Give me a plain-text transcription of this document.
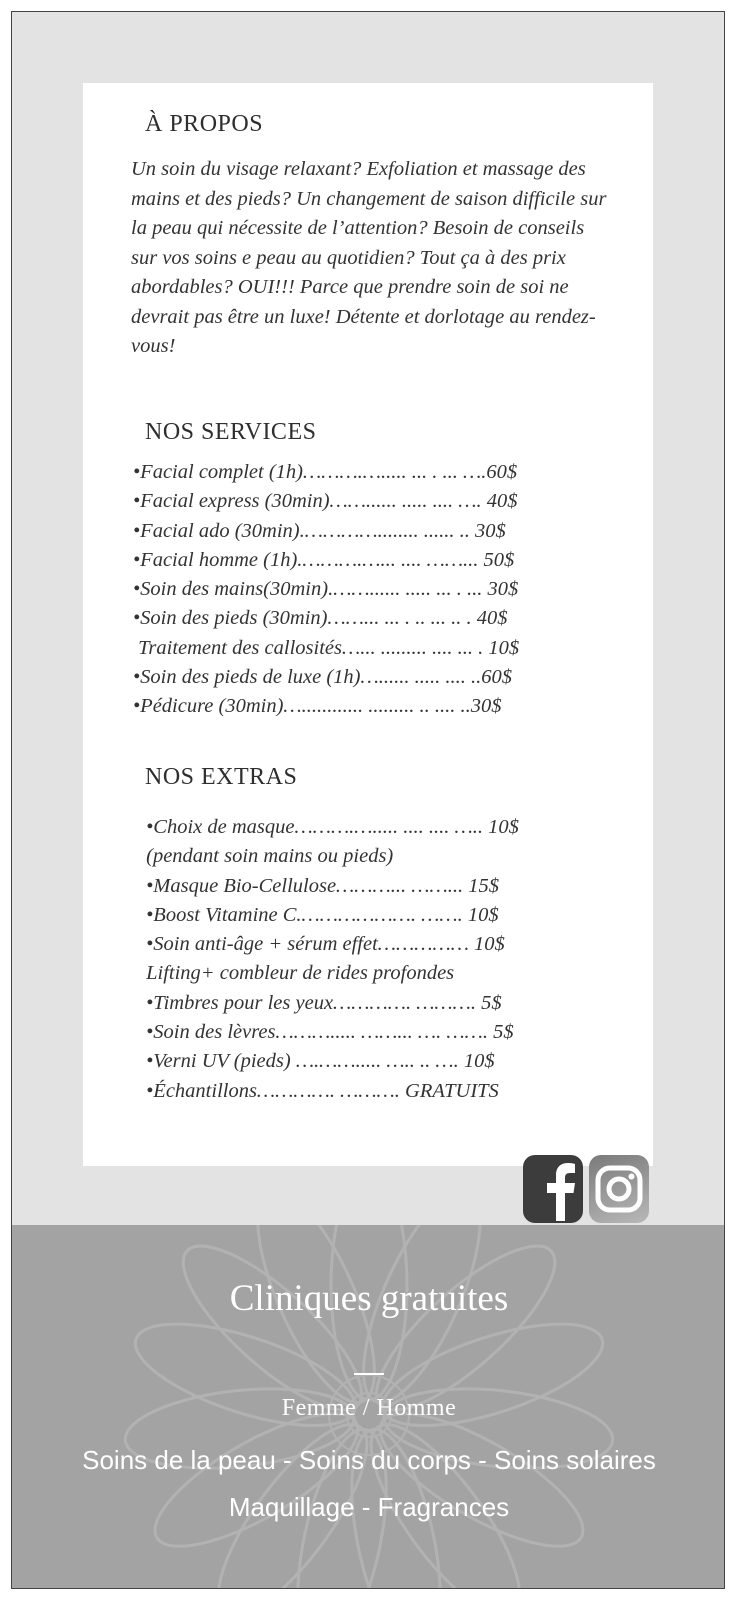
À PROPOS

Un soin du visage relaxant? Exfoliation et massage des mains et des pieds? Un changement de saison difficile sur la peau qui nécessite de l’attention? Besoin de conseils sur vos soins e peau au quotidien? Tout ça à des prix abordables? OUI!!! Parce que prendre soin de soi ne devrait pas être un luxe! Détente et dorlotage au rendez-vous!

NOS SERVICES
•Facial complet (1h)……….…..... ... . ... ….60$
•Facial express (30min)……...... ..... .... …. 40$
•Facial ado (30min).…………........ ...... .. 30$
•Facial homme (1h).……….…... .... ……... 50$
•Soin des mains(30min).……...... ..... ... . ... 30$
•Soin des pieds (30min)……... ... . .. ... .. . 40$
Traitement des callosités…... ......... .... ... . 10$
•Soin des pieds de luxe (1h)…...... ..... .... ..60$
•Pédicure (30min)…............ ......... .. .... ..30$
NOS EXTRAS
•Choix de masque……….…..... .... .... ….. 10$
(pendant soin mains ou pieds)
•Masque Bio-Cellulose………... ……... 15$
•Boost Vitamine C.………………. ……. 10$
•Soin anti-âge + sérum effet…………… 10$
Lifting+ combleur de rides profondes
•Timbres pour les yeux…………. ………. 5$
•Soin des lèvres………..... ……... …. ……. 5$
•Verni UV (pieds) ….……..... ….. .. …. 10$
•Échantillons…………. ………. GRATUITS
Cliniques gratuites
Femme / Homme
Soins de la peau - Soins du corps - Soins solaires
Maquillage - Fragrances
